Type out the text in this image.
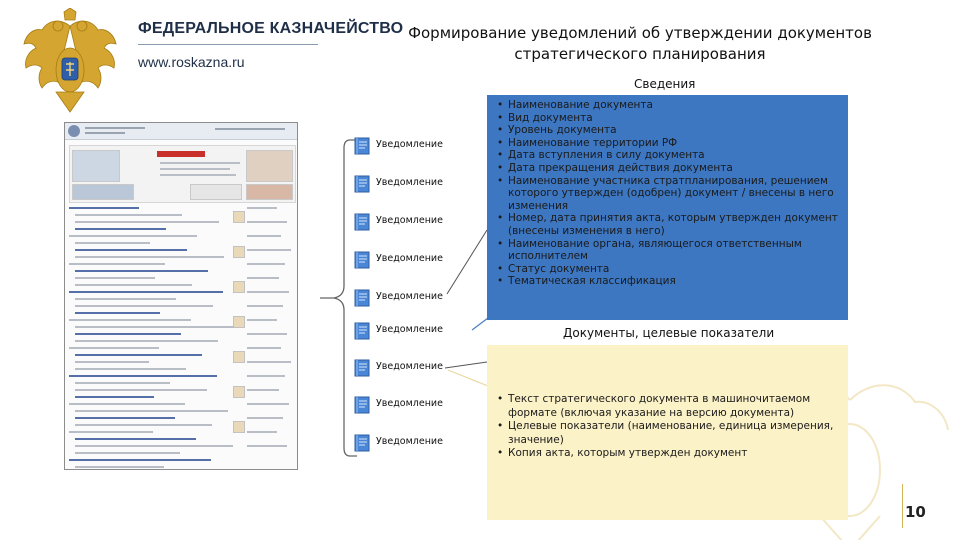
ФЕДЕРАЛЬНОЕ КАЗНАЧЕЙСТВО
www.roskazna.ru
Формирование уведомлений об утверждении документов
стратегического планирования
Уведомление
Уведомление
Уведомление
Уведомление
Уведомление
Уведомление
Уведомление
Уведомление
Уведомление
Сведения
• Наименование документа
• Вид документа
• Уровень документа
• Наименование территории РФ
• Дата вступления в силу документа
• Дата прекращения действия документа
• Наименование участника стратпланирования, решением которого утвержден (одобрен) документ / внесены в него изменения
• Номер, дата принятия акта, которым утвержден документ (внесены изменения в него)
• Наименование органа, являющегося ответственным исполнителем
• Статус документа
• Тематическая классификация
Документы, целевые показатели
• Текст стратегического документа в машиночитаемом формате (включая указание на версию документа)
• Целевые показатели (наименование, единица измерения, значение)
• Копия акта, которым утвержден документ
10
